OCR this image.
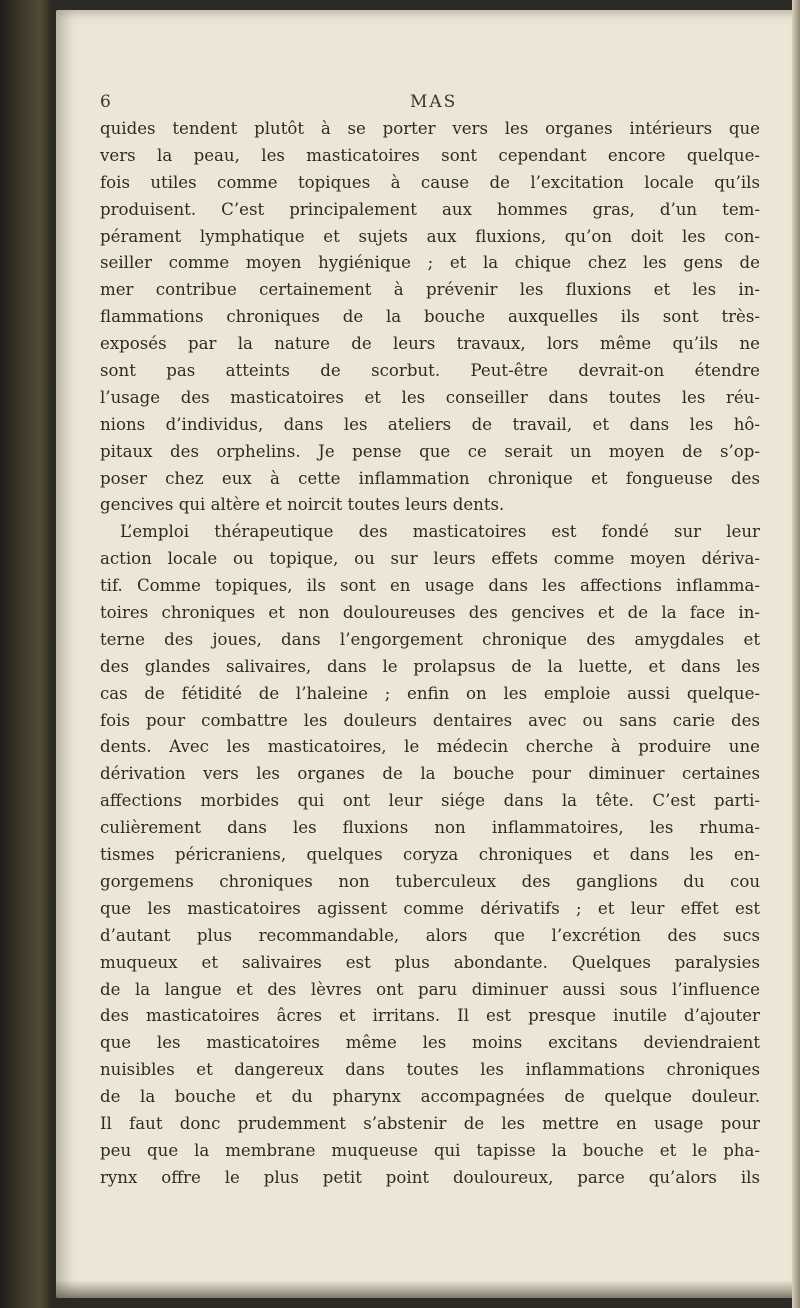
6	MAS
quides tendent plutôt à se porter vers les organes intérieurs que
vers la peau, les masticatoires sont cependant encore quelque-
fois utiles comme topiques à cause de l’excitation locale qu’ils
produisent. C’est principalement aux hommes gras, d’un tem-
pérament lymphatique et sujets aux fluxions, qu’on doit les con-
seiller comme moyen hygiénique ; et la chique chez les gens de
mer contribue certainement à prévenir les fluxions et les in-
flammations chroniques de la bouche auxquelles ils sont très-
exposés par la nature de leurs travaux, lors même qu’ils ne
sont pas atteints de scorbut. Peut-être devrait-on étendre
l’usage des masticatoires et les conseiller dans toutes les réu-
nions d’individus, dans les ateliers de travail, et dans les hô-
pitaux des orphelins. Je pense que ce serait un moyen de s’op-
poser chez eux à cette inflammation chronique et fongueuse des
gencives qui altère et noircit toutes leurs dents.
L’emploi thérapeutique des masticatoires est fondé sur leur
action locale ou topique, ou sur leurs effets comme moyen dériva-
tif. Comme topiques, ils sont en usage dans les affections inflamma-
toires chroniques et non douloureuses des gencives et de la face in-
terne des joues, dans l’engorgement chronique des amygdales et
des glandes salivaires, dans le prolapsus de la luette, et dans les
cas de fétidité de l’haleine ; enfin on les emploie aussi quelque-
fois pour combattre les douleurs dentaires avec ou sans carie des
dents. Avec les masticatoires, le médecin cherche à produire une
dérivation vers les organes de la bouche pour diminuer certaines
affections morbides qui ont leur siége dans la tête. C’est parti-
culièrement dans les fluxions non inflammatoires, les rhuma-
tismes péricraniens, quelques coryza chroniques et dans les en-
gorgemens chroniques non tuberculeux des ganglions du cou
que les masticatoires agissent comme dérivatifs ; et leur effet est
d’autant plus recommandable, alors que l’excrétion des sucs
muqueux et salivaires est plus abondante. Quelques paralysies
de la langue et des lèvres ont paru diminuer aussi sous l’influence
des masticatoires âcres et irritans. Il est presque inutile d’ajouter
que les masticatoires même les moins excitans deviendraient
nuisibles et dangereux dans toutes les inflammations chroniques
de la bouche et du pharynx accompagnées de quelque douleur.
Il faut donc prudemment s’abstenir de les mettre en usage pour
peu que la membrane muqueuse qui tapisse la bouche et le pha-
rynx offre le plus petit point douloureux, parce qu’alors ils
